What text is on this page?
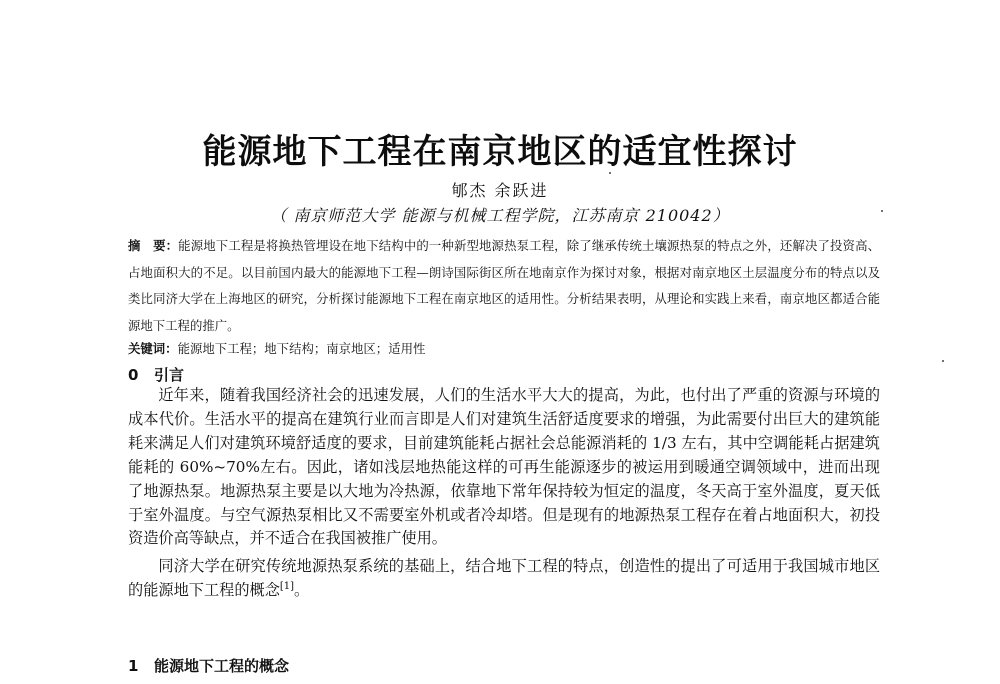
能源地下工程在南京地区的适宜性探讨
郇杰 余跃进
（ 南京师范大学 能源与机械工程学院，江苏南京 210042）
摘　要：能源地下工程是将换热管埋设在地下结构中的一种新型地源热泵工程，除了继承传统土壤源热泵的特点之外，还解决了投资高、占地面积大的不足。以目前国内最大的能源地下工程—朗诗国际街区所在地南京作为探讨对象，根据对南京地区土层温度分布的特点以及类比同济大学在上海地区的研究，分析探讨能源地下工程在南京地区的适用性。分析结果表明，从理论和实践上来看，南京地区都适合能源地下工程的推广。
关键词：能源地下工程；地下结构；南京地区；适用性
0 引言

近年来，随着我国经济社会的迅速发展，人们的生活水平大大的提高，为此，也付出了严重的资源与环境的成本代价。生活水平的提高在建筑行业而言即是人们对建筑生活舒适度要求的增强，为此需要付出巨大的建筑能耗来满足人们对建筑环境舒适度的要求，目前建筑能耗占据社会总能源消耗的 1/3 左右，其中空调能耗占据建筑能耗的 60%~70%左右。因此，诸如浅层地热能这样的可再生能源逐步的被运用到暖通空调领域中，进而出现了地源热泵。地源热泵主要是以大地为冷热源，依靠地下常年保持较为恒定的温度，冬天高于室外温度，夏天低于室外温度。与空气源热泵相比又不需要室外机或者冷却塔。但是现有的地源热泵工程存在着占地面积大，初投资造价高等缺点，并不适合在我国被推广使用。

同济大学在研究传统地源热泵系统的基础上，结合地下工程的特点，创造性的提出了可适用于我国城市地区的能源地下工程的概念[1]。

1 能源地下工程的概念
